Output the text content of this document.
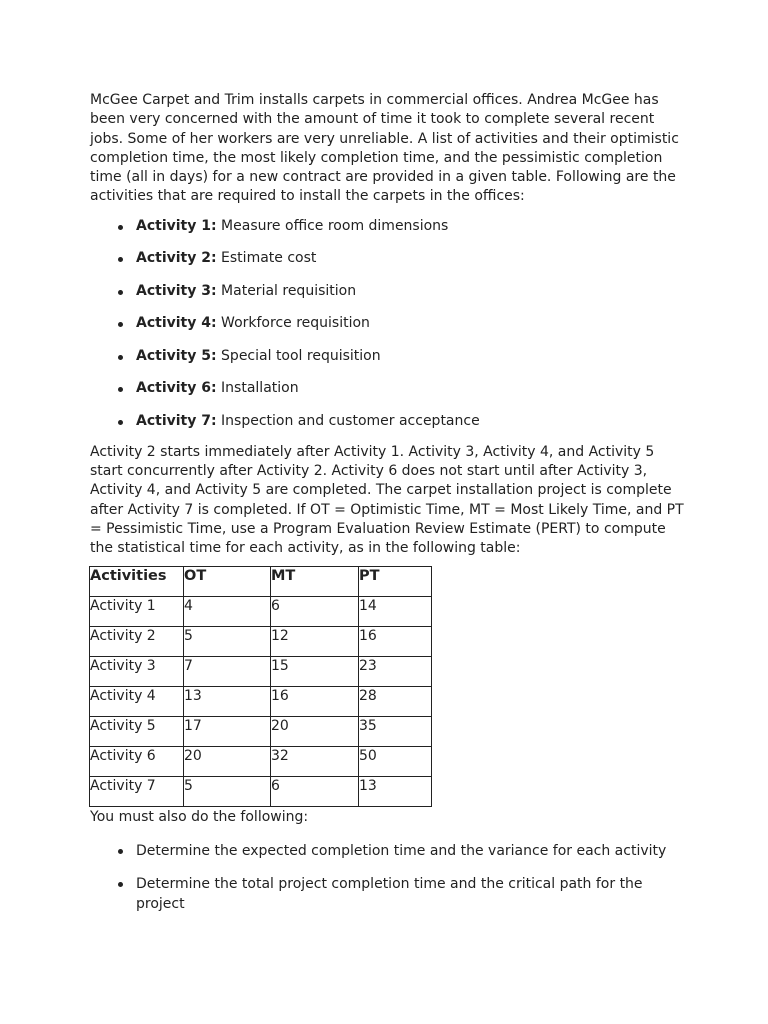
McGee Carpet and Trim installs carpets in commercial offices. Andrea McGee has been very concerned with the amount of time it took to complete several recent jobs. Some of her workers are very unreliable. A list of activities and their optimistic completion time, the most likely completion time, and the pessimistic completion time (all in days) for a new contract are provided in a given table. Following are the activities that are required to install the carpets in the offices:

Activity 1: Measure office room dimensions
Activity 2: Estimate cost
Activity 3: Material requisition
Activity 4: Workforce requisition
Activity 5: Special tool requisition
Activity 6: Installation
Activity 7: Inspection and customer acceptance

Activity 2 starts immediately after Activity 1. Activity 3, Activity 4, and Activity 5 start concurrently after Activity 2. Activity 6 does not start until after Activity 3, Activity 4, and Activity 5 are completed. The carpet installation project is complete after Activity 7 is completed. If OT = Optimistic Time, MT = Most Likely Time, and PT = Pessimistic Time, use a Program Evaluation Review Estimate (PERT) to compute the statistical time for each activity, as in the following table:

Activities	OT	MT	PT
Activity 1	4	6	14
Activity 2	5	12	16
Activity 3	7	15	23
Activity 4	13	16	28
Activity 5	17	20	35
Activity 6	20	32	50
Activity 7	5	6	13

You must also do the following:

Determine the expected completion time and the variance for each activity
Determine the total project completion time and the critical path for the project
